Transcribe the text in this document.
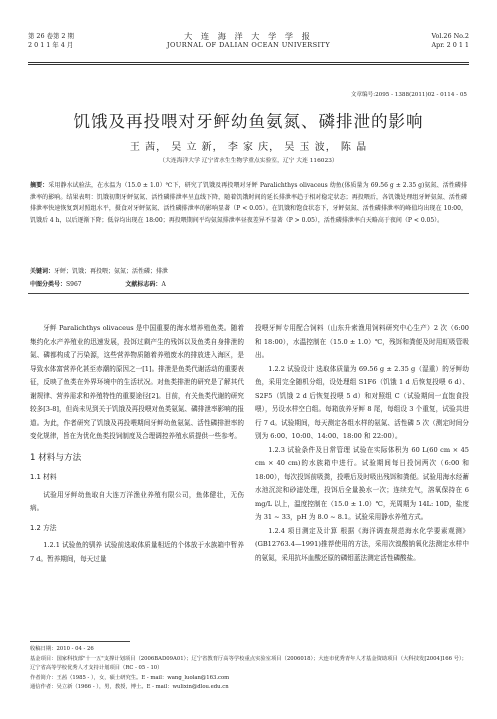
第 26 卷第 2 期
2 0 1 1 年 4 月
大 连 海 洋 大 学 学 报
JOURNAL OF DALIAN OCEAN UNIVERSITY
Vol.26 No.2
Apr. 2 0 1 1
文章编号:2095 - 1388(2011)02 - 0114 - 05
饥饿及再投喂对牙鲆幼鱼氨氮、磷排泄的影响
王 茜， 吴 立 新， 李 家 庆， 吴 玉 波， 陈 晶
（大连海洋大学 辽宁省水生生物学重点实验室，辽宁 大连 116023）
摘要：采用静水试验法，在水温为（15.0 ± 1.0）℃下，研究了饥饿及再投喂对牙鲆 Paralichthys olivaceus 幼鱼(体质量为 69.56 g ± 2.35 g)氨氮、活性磷排泄率的影响。结果表明：饥饿初期牙鲆氨氮、活性磷排泄率呈直线下降，随着饥饿时间的延长排泄率趋于相对稳定状态；再投喂后，各饥饿处理组牙鲆氨氮、活性磷排泄率快速恢复到对照组水平，摄食对牙鲆氨氮、活性磷排泄率的影响显著（P < 0.05）。在饥饿和饱食状态下，牙鲆氨氮、活性磷排泄率的峰值均出现在 10:00，饥饿后 4 h，以后逐渐下降；低谷均出现在 18:00；再投喂期间平均氨氮排泄率昼夜差异不显著（P > 0.05），活性磷排泄率白天略高于夜间（P < 0.05）。
关键词：牙鲆；饥饿；再投喂；氨氮；活性磷；排泄
中图分类号：S967	文献标志码：A

牙鲆 Paralichthys olivaceus 是中国重要的海水增养殖鱼类。随着集约化水产养殖业的迅速发展，投饵过剩产生的残饵以及鱼类自身排泄的氮、磷都构成了污染源，这些营养物质随着养殖废水的排放进入海区，是导致水体富营养化甚至赤潮的原因之一[1]。排泄是鱼类代谢活动的重要表征，反映了鱼类在外界环境中的生活状况。对鱼类排泄的研究是了解其代谢规律、营养需求和养殖特性的重要途径[2]。目前，有关鱼类代谢的研究较多[3-8]，但尚未见到关于饥饿及再投喂对鱼类氨氮、磷排泄率影响的报道。为此，作者研究了饥饿及再投喂期间牙鲆幼鱼氨氮、活性磷排泄率的变化规律，旨在为优化鱼类投饲制度及合理调控养殖水质提供一些参考。

1 材料与方法
1.1 材料

试验用牙鲆幼鱼取自大连万洋渔业养殖有限公司，鱼体健壮，无伤病。

1.2 方法

1.2.1 试验鱼的驯养 试验前选取体质量相近的个体放于水族箱中暂养 7 d。暂养期间，每天过量

投喂牙鲆专用配合饲料（山东升索渔用饲料研究中心生产）2 次（6:00 和 18:00），水温控制在（15.0 ± 1.0）℃，残饵和粪便及时用虹吸管吸出。

1.2.2 试验设计 选取体质量为 69.56 g ± 2.35 g（湿重）的牙鲆幼鱼，采用完全随机分组，设处理组 S1F6（饥饿 1 d 后恢复投喂 6 d）、S2F5（饥饿 2 d 后恢复投喂 5 d）和对照组 C（试验期间一直饱食投喂），另设水样空白组。每箱放养牙鲆 8 尾，每组设 3 个重复，试验共进行 7 d。试验期间，每天测定各组水样的氨氮、活性磷 5 次（测定时间分别为 6:00、10:00、14:00、18:00 和 22:00）。

1.2.3 试验条件及日常管理 试验在实际体积为 60 L(60 cm × 45 cm × 40 cm)的水族箱中进行。试验期间每日投饲两次（6:00 和 18:00），每次投饵前吸粪，投喂后及时吸出残饵和粪便。试验用海水经蓄水池沉淀和砂滤处理，投饵后全量换水一次；连续充气，溶氧保持在 6 mg/L 以上，温度控制在（15.0 ± 1.0）℃，光周期为 14L: 10D，盐度为 31 ~ 33，pH 为 8.0 ~ 8.1。试验采用静水养殖方式。

1.2.4 项目测定及计算 根据《海洋调查规范海水化学要素观测》(GB12763.4—1991)推荐使用的方法，采用次溴酸钠氧化法测定水样中的氨氮，采用抗坏血酸还原的磷钼蓝法测定活性磷酸盐。

收稿日期：2010 - 04 - 26
基金项目：国家科技部"十一五"支撑计划项目（2006BAD09A01）；辽宁省教育厅高等学校重点实验室项目（2006018）；大连市优秀青年人才基金资助项目（大科技发[2004]166 号）；辽宁省高等学校优秀人才支持计划项目（RC - 05 - 10）
作者简介：王茜（1985 - ），女，硕士研究生。E - mail：wang_luolan@163.com
通信作者：吴立新（1966 - ），男，教授，博士。E - mail：wulixin@dlou.edu.cn
